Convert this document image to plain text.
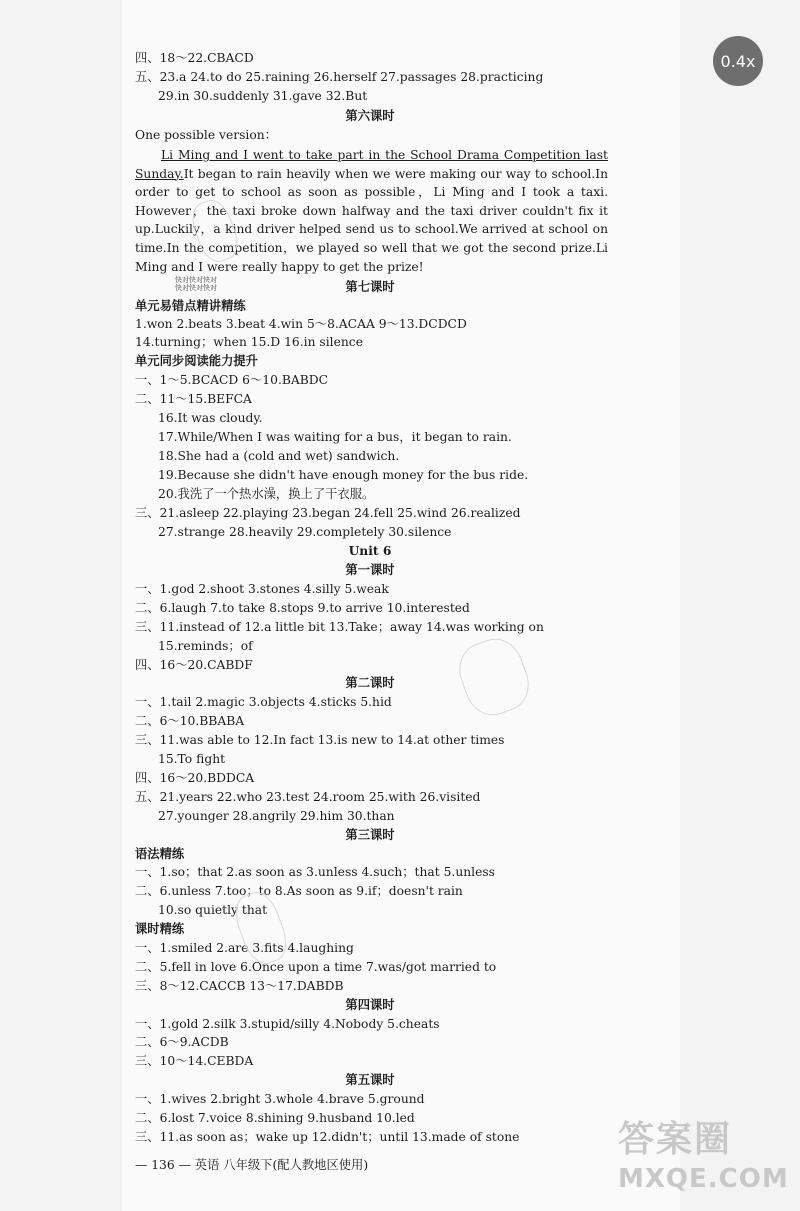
0.4x
四、18～22.CBACD
五、23.a 24.to do 25.raining 26.herself 27.passages 28.practicing
29.in 30.suddenly 31.gave 32.But
第六课时
One possible version：
第七课时
单元易错点精讲精练
1.won 2.beats 3.beat 4.win 5～8.ACAA 9～13.DCDCD
14.turning；when 15.D 16.in silence
单元同步阅读能力提升
一、1～5.BCACD 6～10.BABDC
二、11～15.BEFCA
16.It was cloudy.
17.While/When I was waiting for a bus，it began to rain.
18.She had a (cold and wet) sandwich.
19.Because she didn't have enough money for the bus ride.
20.我洗了一个热水澡，换上了干衣服。
三、21.asleep 22.playing 23.began 24.fell 25.wind 26.realized
27.strange 28.heavily 29.completely 30.silence
Unit 6
第一课时
一、1.god 2.shoot 3.stones 4.silly 5.weak
二、6.laugh 7.to take 8.stops 9.to arrive 10.interested
三、11.instead of 12.a little bit 13.Take；away 14.was working on
15.reminds；of
四、16～20.CABDF
第二课时
一、1.tail 2.magic 3.objects 4.sticks 5.hid
二、6～10.BBABA
三、11.was able to 12.In fact 13.is new to 14.at other times
15.To fight
四、16～20.BDDCA
五、21.years 22.who 23.test 24.room 25.with 26.visited
27.younger 28.angrily 29.him 30.than
第三课时
语法精练
一、1.so；that 2.as soon as 3.unless 4.such；that 5.unless
二、6.unless 7.too；to 8.As soon as 9.if；doesn't rain
10.so quietly that
课时精练
一、1.smiled 2.are 3.fits 4.laughing
二、5.fell in love 6.Once upon a time 7.was/got married to
三、8～12.CACCB 13～17.DABDB
第四课时
一、1.gold 2.silk 3.stupid/silly 4.Nobody 5.cheats
二、6～9.ACDB
三、10～14.CEBDA
第五课时
一、1.wives 2.bright 3.whole 4.brave 5.ground
二、6.lost 7.voice 8.shining 9.husband 10.led
三、11.as soon as；wake up 12.didn't；until 13.made of stone

Li Ming and I went to take part in the School Drama Competition last Sunday.It began to rain heavily when we were making our way to school.In order to get to school as soon as possible，Li Ming and I took a taxi. However，the taxi broke down halfway and the taxi driver couldn't fix it up.Luckily，a kind driver helped send us to school.We arrived at school on time.In the competition，we played so well that we got the second prize.Li Ming and I were really happy to get the prize!

快对快对快对
快对快对快对
— 136 — 英语 八年级下(配人教地区使用)
答案圈
MXQE.COM
